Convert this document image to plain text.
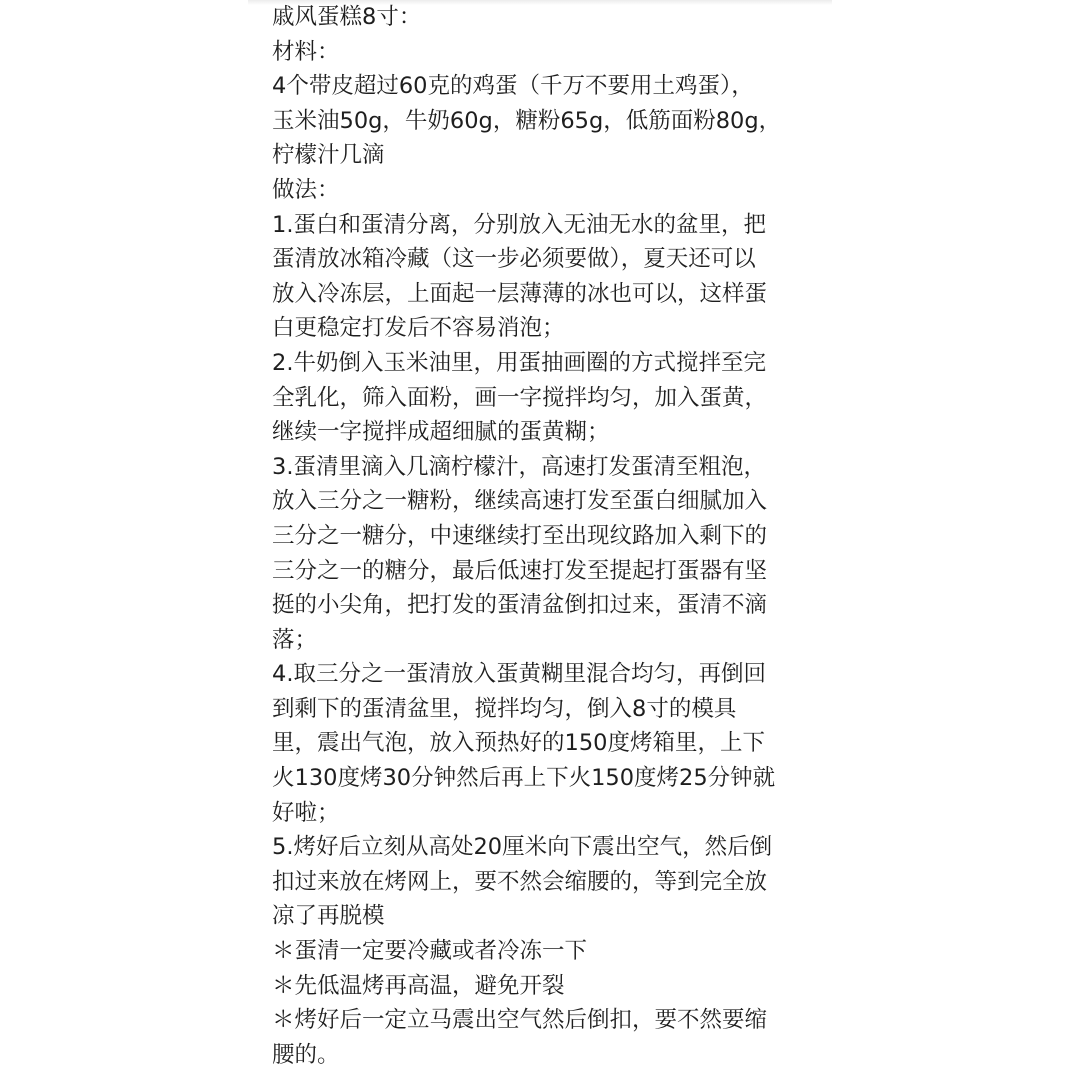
戚风蛋糕8寸：
材料：
4个带皮超过60克的鸡蛋（千万不要用土鸡蛋），
玉米油50g，牛奶60g，糖粉65g，低筋面粉80g，
柠檬汁几滴
做法：
1.蛋白和蛋清分离，分别放入无油无水的盆里，把
蛋清放冰箱冷藏（这一步必须要做），夏天还可以
放入冷冻层，上面起一层薄薄的冰也可以，这样蛋
白更稳定打发后不容易消泡；
2.牛奶倒入玉米油里，用蛋抽画圈的方式搅拌至完
全乳化，筛入面粉，画一字搅拌均匀，加入蛋黄，
继续一字搅拌成超细腻的蛋黄糊；
3.蛋清里滴入几滴柠檬汁，高速打发蛋清至粗泡，
放入三分之一糖粉，继续高速打发至蛋白细腻加入
三分之一糖分，中速继续打至出现纹路加入剩下的
三分之一的糖分，最后低速打发至提起打蛋器有坚
挺的小尖角，把打发的蛋清盆倒扣过来，蛋清不滴
落；
4.取三分之一蛋清放入蛋黄糊里混合均匀，再倒回
到剩下的蛋清盆里，搅拌均匀，倒入8寸的模具
里，震出气泡，放入预热好的150度烤箱里，上下
火130度烤30分钟然后再上下火150度烤25分钟就
好啦；
5.烤好后立刻从高处20厘米向下震出空气，然后倒
扣过来放在烤网上，要不然会缩腰的，等到完全放
凉了再脱模
＊蛋清一定要冷藏或者冷冻一下
＊先低温烤再高温，避免开裂
＊烤好后一定立马震出空气然后倒扣，要不然要缩
腰的。
